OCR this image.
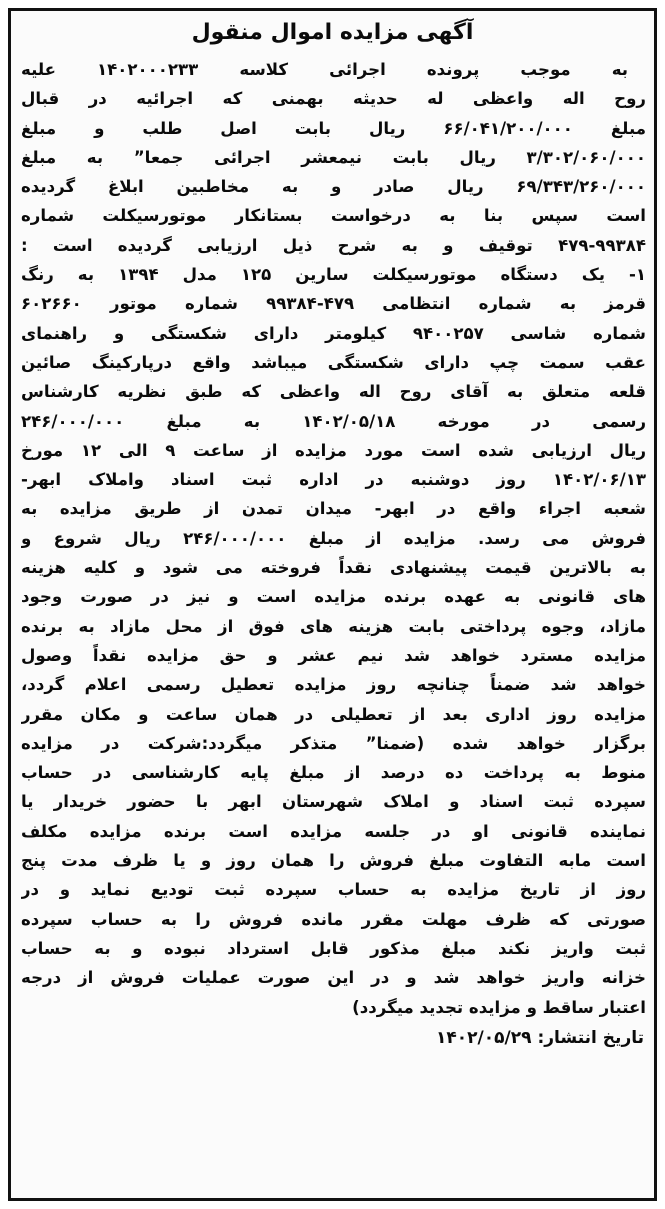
آگهی مزایده اموال منقول
به موجب پرونده اجرائی کلاسه ۱۴۰۲۰۰۰۲۳۳ علیه
روح اله واعظی له حدیثه بهمنی که اجرائیه در قبال
مبلغ ۶۶/۰۴۱/۲۰۰/۰۰۰ ریال بابت اصل طلب و مبلغ
۳/۳۰۲/۰۶۰/۰۰۰ ریال بابت نیمعشر اجرائی جمعا” به مبلغ
۶۹/۳۴۳/۲۶۰/۰۰۰ ریال صادر و به مخاطبین ابلاغ گردیده
است سپس بنا به درخواست بستانکار موتورسیکلت شماره
۴۷۹-۹۹۳۸۴ توقیف و به شرح ذیل ارزیابی گردیده است :
۱- یک دستگاه موتورسیکلت سارین ۱۲۵ مدل ۱۳۹۴ به رنگ
قرمز به شماره انتظامی ۴۷۹-۹۹۳۸۴ شماره موتور ۶۰۲۶۶۰
شماره شاسی ۹۴۰۰۲۵۷ کیلومتر دارای شکستگی و راهنمای
عقب سمت چپ دارای شکستگی میباشد واقع درپارکینگ صائین
قلعه متعلق به آقای روح اله واعظی که طبق نظریه کارشناس
رسمی در مورخه ۱۴۰۲/۰۵/۱۸ به مبلغ ۲۴۶/۰۰۰/۰۰۰
ریال ارزیابی شده است مورد مزایده از ساعت ۹ الی ۱۲ مورخ
۱۴۰۲/۰۶/۱۳ روز دوشنبه در اداره ثبت اسناد واملاک ابهر-
شعبه اجراء واقع در ابهر- میدان تمدن از طریق مزایده به
فروش می رسد. مزایده از مبلغ ۲۴۶/۰۰۰/۰۰۰ ریال شروع و
به بالاترین قیمت پیشنهادی نقداً فروخته می شود و کلیه هزینه
های قانونی به عهده برنده مزایده است و نیز در صورت وجود
مازاد، وجوه پرداختی بابت هزینه های فوق از محل مازاد به برنده
مزایده مسترد خواهد شد نیم عشر و حق مزایده نقداً وصول
خواهد شد ضمناً چنانچه روز مزایده تعطیل رسمی اعلام گردد،
مزایده روز اداری بعد از تعطیلی در همان ساعت و مکان مقرر
برگزار خواهد شده (ضمنا” متذکر میگردد:شرکت در مزایده
منوط به پرداخت ده درصد از مبلغ پایه کارشناسی در حساب
سپرده ثبت اسناد و املاک شهرستان ابهر با حضور خریدار یا
نماینده قانونی او در جلسه مزایده است برنده مزایده مکلف
است مابه التفاوت مبلغ فروش را همان روز و یا ظرف مدت پنج
روز از تاریخ مزایده به حساب سپرده ثبت تودیع نماید و در
صورتی که ظرف مهلت مقرر مانده فروش را به حساب سپرده
ثبت واریز نکند مبلغ مذکور قابل استرداد نبوده و به حساب
خزانه واریز خواهد شد و در این صورت عملیات فروش از درجه
اعتبار ساقط و مزایده تجدید میگردد)
تاریخ انتشار:۱۴۰۲/۰۵/۲۹
